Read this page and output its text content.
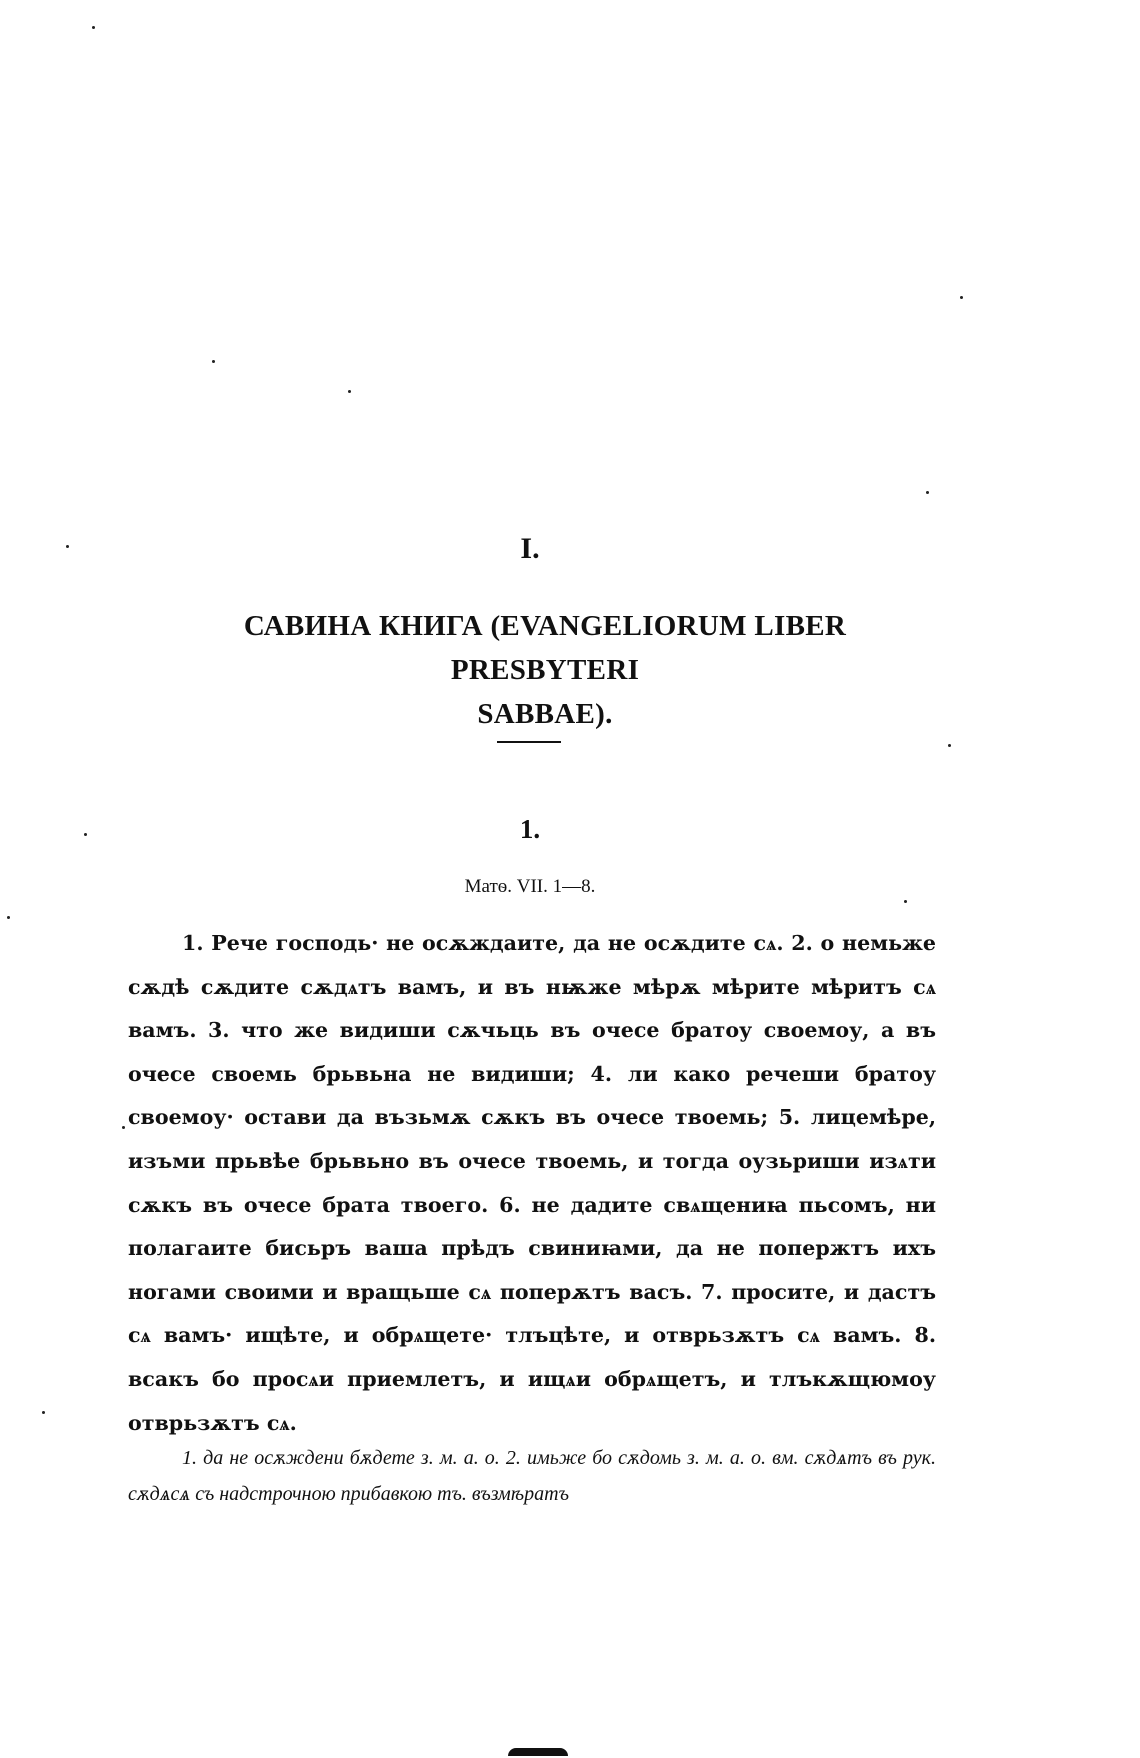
I.
САВИНА КНИГА (EVANGELIORUM LIBER PRESBYTERI
SABBAE).
1.
Матѳ. VII. 1—8.
1. Рече господь· не осѫждаите, да не осѫдите сѧ. 2. о немьже сѫдѣ сѫдите сѫдѧтъ вамъ, и въ нѭже мѣрѫ мѣрите мѣритъ сѧ вамъ. 3. что же видиши сѫчьць въ очесе братоу своемоу, а въ очесе своемь брьвьна не видиши; 4. ли како речеши братоу своемоу· остави да възьмѫ сѫкъ въ очесе твоемь; 5. лицемѣре, изъми прьвѣе брьвьно въ очесе твоемь, и тогда оузьриши изѧти сѫкъ въ очесе брата твоего. 6. не дадите свѧщениꙗ пьсомъ, ни полагаите бисьръ ваша прѣдъ свиниꙗми, да не попержтъ ихъ ногами своими и вращьше сѧ поперѫтъ васъ. 7. просите, и дастъ сѧ вамъ· ищѣте, и обрѧщете· тлъцѣте, и отврьзѫтъ сѧ вамъ. 8. всакъ бо просѧи приемлетъ, и ищѧи обрѧщетъ, и тлъкѫщюмоу отврьзѫтъ сѧ.
1. да не осѫждени бѫдете з. м. а. о. 2. имьже бо сѫдомь з. м. а. о. вм. сѫдѧтъ въ рук. сѫдѧсѧ съ надстрочною прибавкою тъ. възмѣратъ
